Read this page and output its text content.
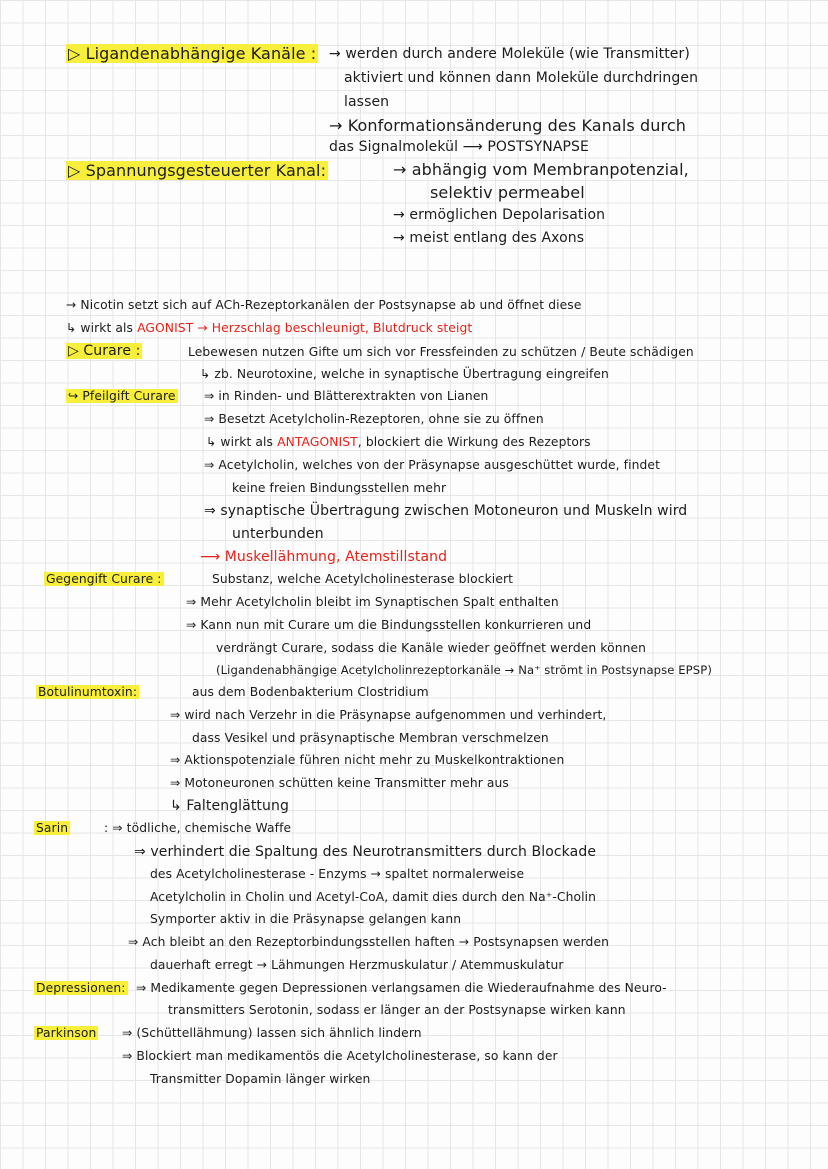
▷ Ligandenabhängige Kanäle : → werden durch andere Moleküle (wie Transmitter)
aktiviert und können dann Moleküle durchdringen
lassen
→ Konformationsänderung des Kanals durch
das Signalmolekül ⟶ POSTSYNAPSE
▷ Spannungsgesteuerter Kanal:	→ abhängig vom Membranpotenzial,
selektiv permeabel
→ ermöglichen Depolarisation
→ meist entlang des Axons
→ Nicotin setzt sich auf ACh-Rezeptorkanälen der Postsynapse ab und öffnet diese
↳ wirkt als AGONIST → Herzschlag beschleunigt, Blutdruck steigt
▷ Curare :	Lebewesen nutzen Gifte um sich vor Fressfeinden zu schützen / Beute schädigen
↳ zb. Neurotoxine, welche in synaptische Übertragung eingreifen
↪ Pfeilgift Curare ⇒ in Rinden- und Blätterextrakten von Lianen
⇒ Besetzt Acetylcholin-Rezeptoren, ohne sie zu öffnen
↳ wirkt als ANTAGONIST, blockiert die Wirkung des Rezeptors
⇒ Acetylcholin, welches von der Präsynapse ausgeschüttet wurde, findet
keine freien Bindungsstellen mehr
⇒ synaptische Übertragung zwischen Motoneuron und Muskeln wird
unterbunden
⟶ Muskellähmung, Atemstillstand
Gegengift Curare :	Substanz, welche Acetylcholinesterase blockiert
⇒ Mehr Acetylcholin bleibt im Synaptischen Spalt enthalten
⇒ Kann nun mit Curare um die Bindungsstellen konkurrieren und
verdrängt Curare, sodass die Kanäle wieder geöffnet werden können
(Ligandenabhängige Acetylcholinrezeptorkanäle → Na⁺ strömt in Postsynapse EPSP)
Botulinumtoxin:	aus dem Bodenbakterium Clostridium
⇒ wird nach Verzehr in die Präsynapse aufgenommen und verhindert,
dass Vesikel und präsynaptische Membran verschmelzen
⇒ Aktionspotenziale führen nicht mehr zu Muskelkontraktionen
⇒ Motoneuronen schütten keine Transmitter mehr aus
↳ Faltenglättung
Sarin	: ⇒ tödliche, chemische Waffe
⇒ verhindert die Spaltung des Neurotransmitters durch Blockade
des Acetylcholinesterase - Enzyms → spaltet normalerweise
Acetylcholin in Cholin und Acetyl-CoA, damit dies durch den Na⁺-Cholin
Symporter aktiv in die Präsynapse gelangen kann
⇒ Ach bleibt an den Rezeptorbindungsstellen haften → Postsynapsen werden
dauerhaft erregt → Lähmungen Herzmuskulatur / Atemmuskulatur
Depressionen: ⇒ Medikamente gegen Depressionen verlangsamen die Wiederaufnahme des Neuro-
transmitters Serotonin, sodass er länger an der Postsynapse wirken kann
Parkinson ⇒ (Schüttellähmung) lassen sich ähnlich lindern
⇒ Blockiert man medikamentös die Acetylcholinesterase, so kann der
Transmitter Dopamin länger wirken
